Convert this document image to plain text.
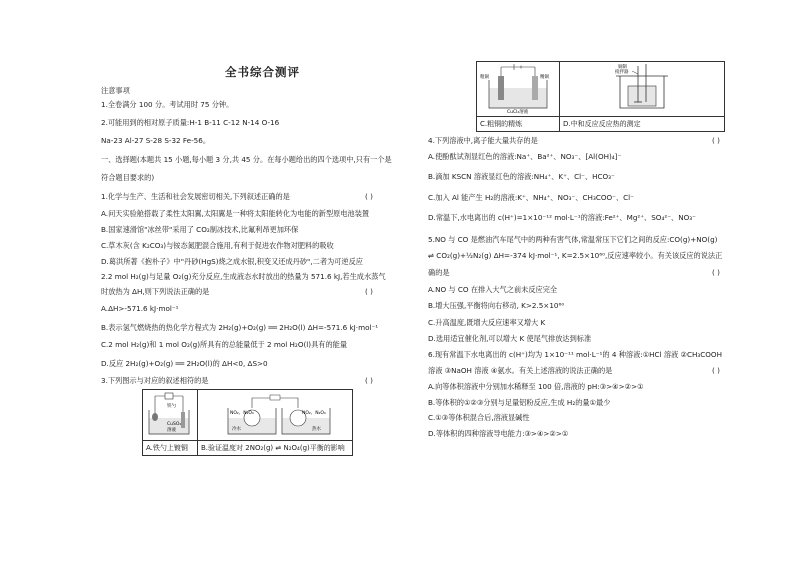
全书综合测评
注意事项
1.全卷满分 100 分。考试用时 75 分钟。
2.可能用到的相对原子质量:H-1 B-11 C-12 N-14 O-16
Na-23 Al-27 S-28 S-32 Fe-56。
一、选择题(本题共 15 小题,每小题 3 分,共 45 分。在每小题给出的四个选项中,只有一个是
符合题目要求的)
1.化学与生产、生活和社会发展密切相关,下列叙述正确的是	( )
A.问天实验舱搭载了柔性太阳翼,太阳翼是一种将太阳能转化为电能的新型原电池装置
B.国家速滑馆"冰丝带"采用了 CO₂制冰技术,比氟利昂更加环保
C.草木灰(含 K₂CO₃)与铵态氮肥混合施用,有利于促进农作物对肥料的吸收
D.葛洪所著《抱朴子》中"丹砂(HgS)烧之成水银,积变又还成丹砂",二者为可逆反应
2.2 mol H₂(g)与足量 O₂(g)充分反应,生成液态水时放出的热量为 571.6 kJ,若生成水蒸气
时放热为 ΔH,则下列说法正确的是	( )
A.ΔH>-571.6 kJ·mol⁻¹
B.表示氢气燃烧热的热化学方程式为 2H₂(g)+O₂(g) ══ 2H₂O(l) ΔH=-571.6 kJ·mol⁻¹
C.2 mol H₂(g)和 1 mol O₂(g)所具有的总能量低于 2 mol H₂O(l)具有的能量
D.反应 2H₂(g)+O₂(g) ══ 2H₂O(l)的 ΔH<0, ΔS>0
3.下列图示与对应的叙述相符的是	( )
铁勺
CuSO₄
溶液
A.铁勺上镀铜

NO₂、N₂O₄
冷水
NO₂、N₂O₄
热水
B.验证温度对 2NO₂(g) ⇌ N₂O₄(g)平衡的影响
粗铜	精铜
CuCl₂溶液
C.粗铜的精炼

铜制
搅拌器
D.中和反应反应热的测定
4.下列溶液中,离子能大量共存的是	( )
A.使酚酞试剂显红色的溶液:Na⁺、Ba²⁺、NO₃⁻、[Al(OH)₄]⁻
B.滴加 KSCN 溶液显红色的溶液:NH₄⁺、K⁺、Cl⁻、HCO₃⁻
C.加入 Al 能产生 H₂的溶液:K⁺、NH₄⁺、NO₃⁻、CH₃COO⁻、Cl⁻
D.常温下,水电离出的 c(H⁺)=1×10⁻¹² mol·L⁻¹的溶液:Fe²⁺、Mg²⁺、SO₄²⁻、NO₃⁻
5.NO 与 CO 是燃油汽车尾气中的两种有害气体,常温常压下它们之间的反应:CO(g)+NO(g)
⇌ CO₂(g)+½N₂(g) ΔH=-374 kJ·mol⁻¹, K=2.5×10⁶⁰,反应速率较小。有关该反应的说法正
确的是	( )
A.NO 与 CO 在排入大气之前未反应完全
B.增大压强,平衡将向右移动, K>2.5×10⁶⁰
C.升高温度,既增大反应速率又增大 K
D.选用适宜催化剂,可以增大 K 使尾气排放达到标准
6.现有常温下水电离出的 c(H⁺)均为 1×10⁻¹¹ mol·L⁻¹的 4 种溶液:①HCl 溶液 ②CH₃COOH
溶液 ③NaOH 溶液 ④氨水。有关上述溶液的说法正确的是	( )
A.向等体积溶液中分别加水稀释至 100 倍,溶液的 pH:③>④>②>①
B.等体积的①②③分别与足量铝粉反应,生成 H₂的量①最少
C.①③等体积混合后,溶液显碱性
D.等体积的四种溶液导电能力:③>④>②>①
